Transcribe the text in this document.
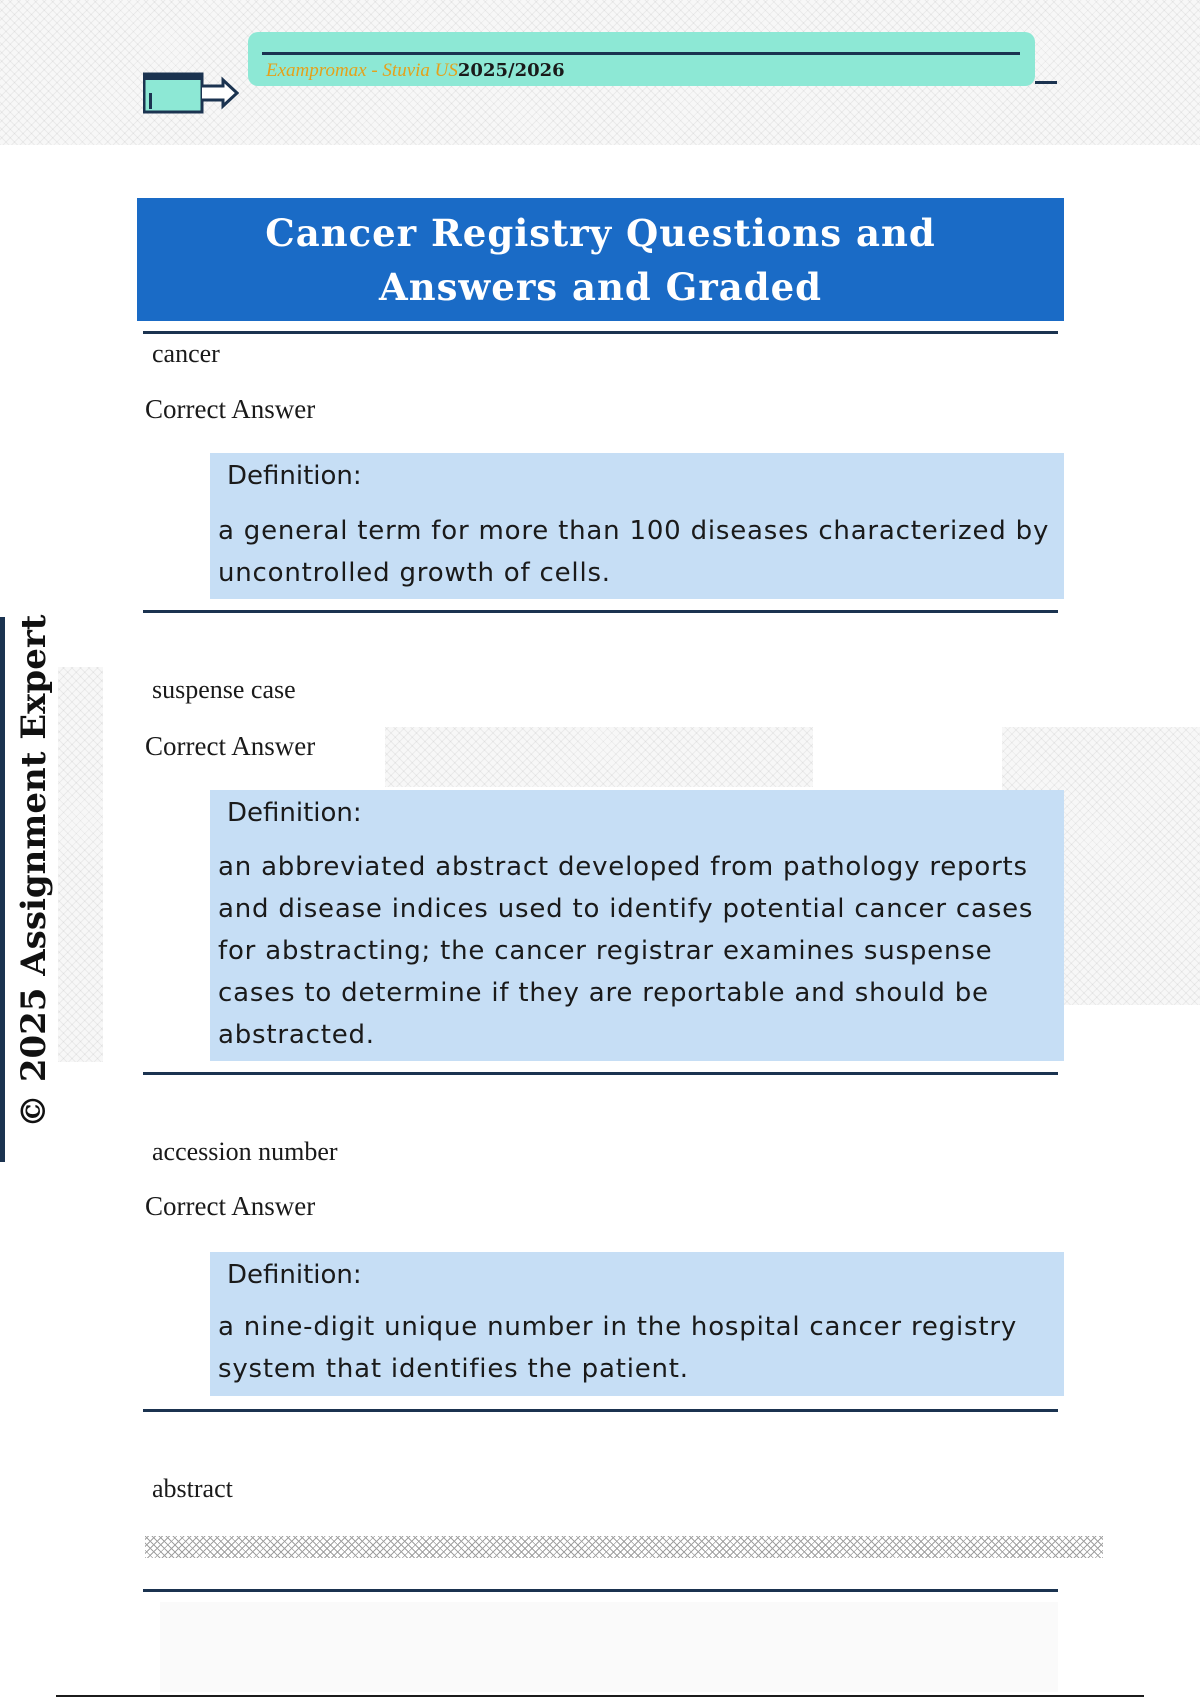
Exampromax - Stuvia US2025/2026
Cancer Registry Questions and Answers and Graded
© 2025 Assignment Expert
cancer
Correct Answer
Definition:
a general term for more than 100 diseases characterized by
uncontrolled growth of cells.
suspense case
Correct Answer
Definition:
an abbreviated abstract developed from pathology reports
and disease indices used to identify potential cancer cases
for abstracting; the cancer registrar examines suspense
cases to determine if they are reportable and should be
abstracted.
accession number
Correct Answer
Definition:
a nine-digit unique number in the hospital cancer registry
system that identifies the patient.
abstract
